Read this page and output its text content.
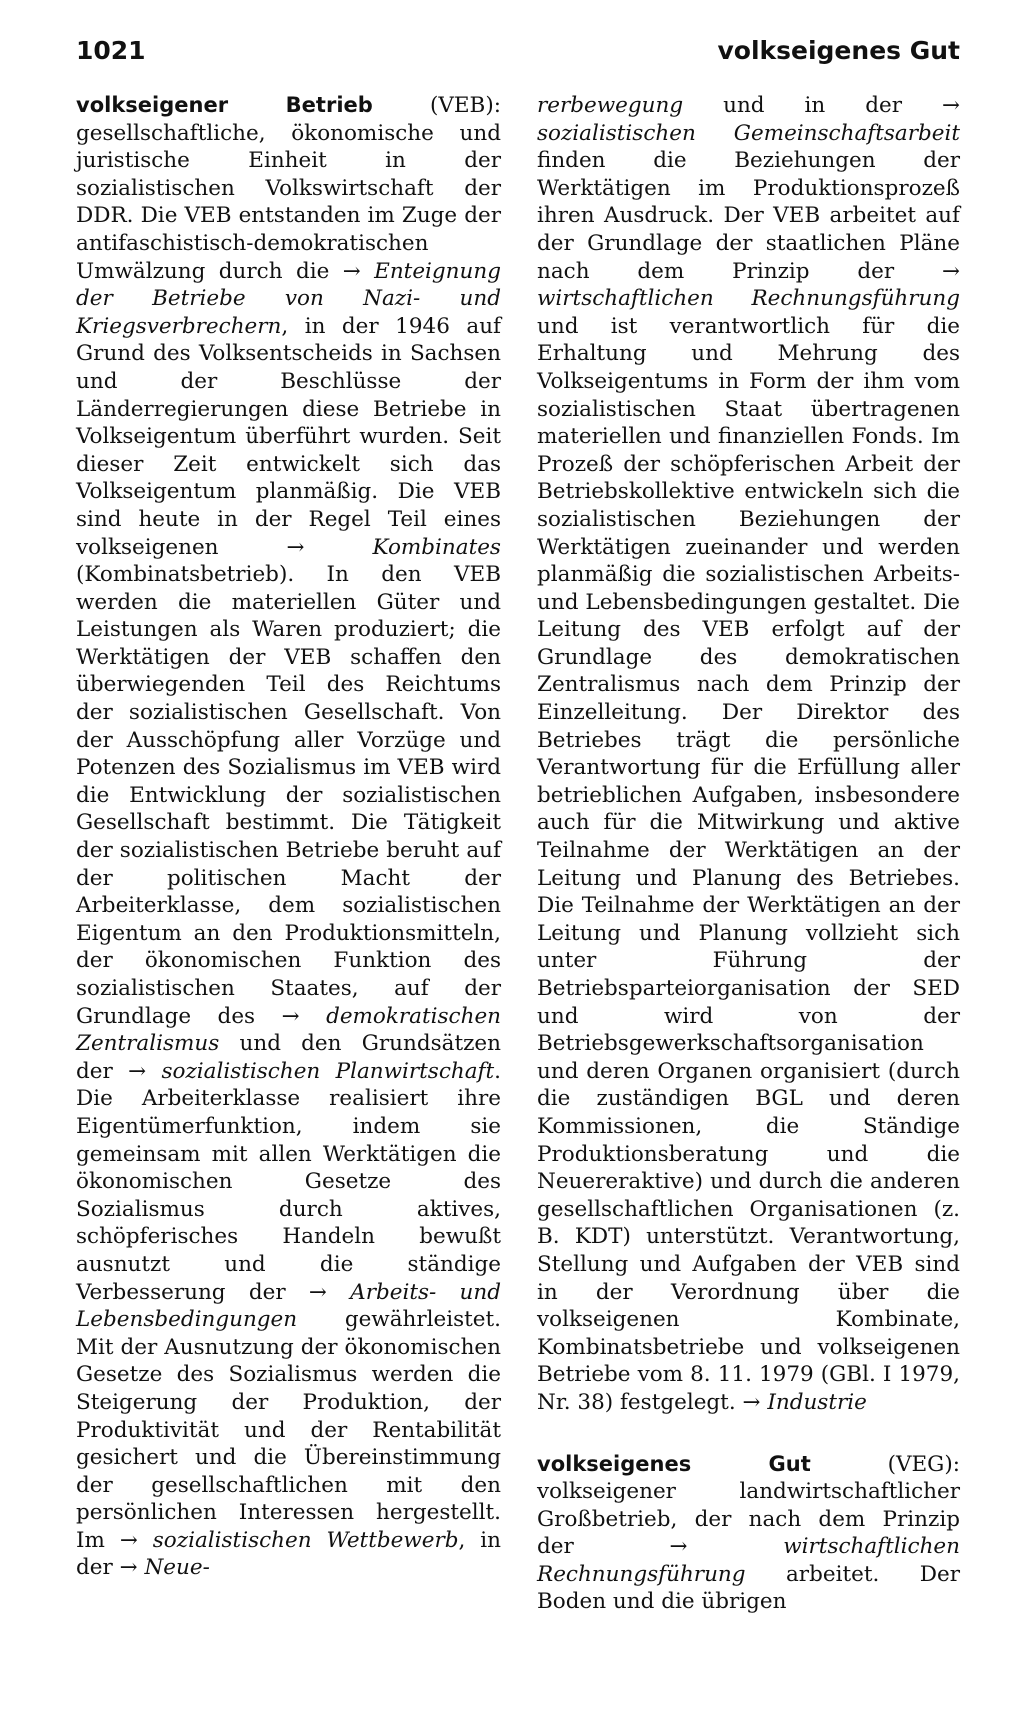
1021	volkseigenes Gut

volkseigener Betrieb (VEB): gesellschaftliche, ökonomische und juristische Einheit in der sozialistischen Volkswirtschaft der DDR. Die VEB entstanden im Zuge der antifaschistisch-demokratischen Umwälzung durch die → Enteignung der Betriebe von Nazi- und Kriegsverbrechern, in der 1946 auf Grund des Volksentscheids in Sachsen und der Beschlüsse der Länderregierungen diese Betriebe in Volkseigentum überführt wurden. Seit dieser Zeit entwickelt sich das Volkseigentum planmäßig. Die VEB sind heute in der Regel Teil eines volkseigenen →	Kombinates (Kombinatsbetrieb). In den VEB werden die materiellen Güter und Leistungen als Waren produziert; die Werktätigen der VEB schaffen den überwiegenden Teil des Reichtums der sozialistischen Gesellschaft. Von der Ausschöpfung aller Vorzüge und Potenzen des Sozialismus im VEB wird die Entwicklung der sozialistischen Gesellschaft bestimmt. Die Tätigkeit der sozialistischen Betriebe beruht auf der politischen Macht der Arbeiterklasse, dem sozialistischen Eigentum an den Produktionsmitteln, der ökonomischen Funktion des sozialistischen Staates, auf der Grundlage des → demokratischen Zentralismus und den Grundsätzen der → sozialistischen Planwirtschaft. Die Arbeiterklasse realisiert ihre Eigentümerfunktion, indem sie gemeinsam mit allen Werktätigen die ökonomischen Gesetze des Sozialismus durch aktives, schöpferisches Handeln bewußt ausnutzt und die ständige Verbesserung der → Arbeits- und Lebensbedingungen gewährleistet. Mit der Ausnutzung der ökonomischen Gesetze des Sozialismus werden die Steigerung der Produktion, der Produktivität und der Rentabilität gesichert und die Übereinstimmung der gesellschaftlichen mit den persönlichen Interessen hergestellt. Im → sozialistischen Wettbewerb, in der → Neue-

rerbewegung und in der → sozialistischen Gemeinschaftsarbeit finden die Beziehungen der Werktätigen im Produktionsprozeß ihren Ausdruck. Der VEB arbeitet auf der Grundlage der staatlichen Pläne nach dem Prinzip der → wirtschaftlichen Rechnungsführung und ist verantwortlich für die Erhaltung und Mehrung des Volkseigentums in Form der ihm vom sozialistischen Staat übertragenen materiellen und finanziellen Fonds. Im Prozeß der schöpferischen Arbeit der Betriebskollektive entwickeln sich die sozialistischen Beziehungen der Werktätigen zueinander und werden planmäßig die sozialistischen Arbeits- und Lebensbedingungen gestaltet. Die Leitung des VEB erfolgt auf der Grundlage des demokratischen Zentralismus nach dem Prinzip der Einzelleitung. Der Direktor des Betriebes trägt die persönliche Verantwortung für die Erfüllung aller betrieblichen Aufgaben, insbesondere auch für die Mitwirkung und aktive Teilnahme der Werktätigen an der Leitung und Planung des Betriebes. Die Teilnahme der Werktätigen an der Leitung und Planung vollzieht sich unter Führung der Betriebsparteiorganisation der SED und wird von der Betriebsgewerkschaftsorganisation und deren Organen organisiert (durch die zuständigen BGL und deren Kommissionen, die Ständige Produktionsberatung und die Neuereraktive) und durch die anderen gesellschaftlichen Organisationen (z. B. KDT) unterstützt. Verantwortung, Stellung und Aufgaben der VEB sind in der Verordnung über die volkseigenen Kombinate, Kombinatsbetriebe und volkseigenen Betriebe vom 8. 11. 1979 (GBl. I 1979, Nr. 38) festgelegt. → Industrie

volkseigenes Gut (VEG): volkseigener landwirtschaftlicher Großbetrieb, der nach dem Prinzip der →	wirtschaftlichen Rechnungsführung arbeitet. Der Boden und die übrigen
